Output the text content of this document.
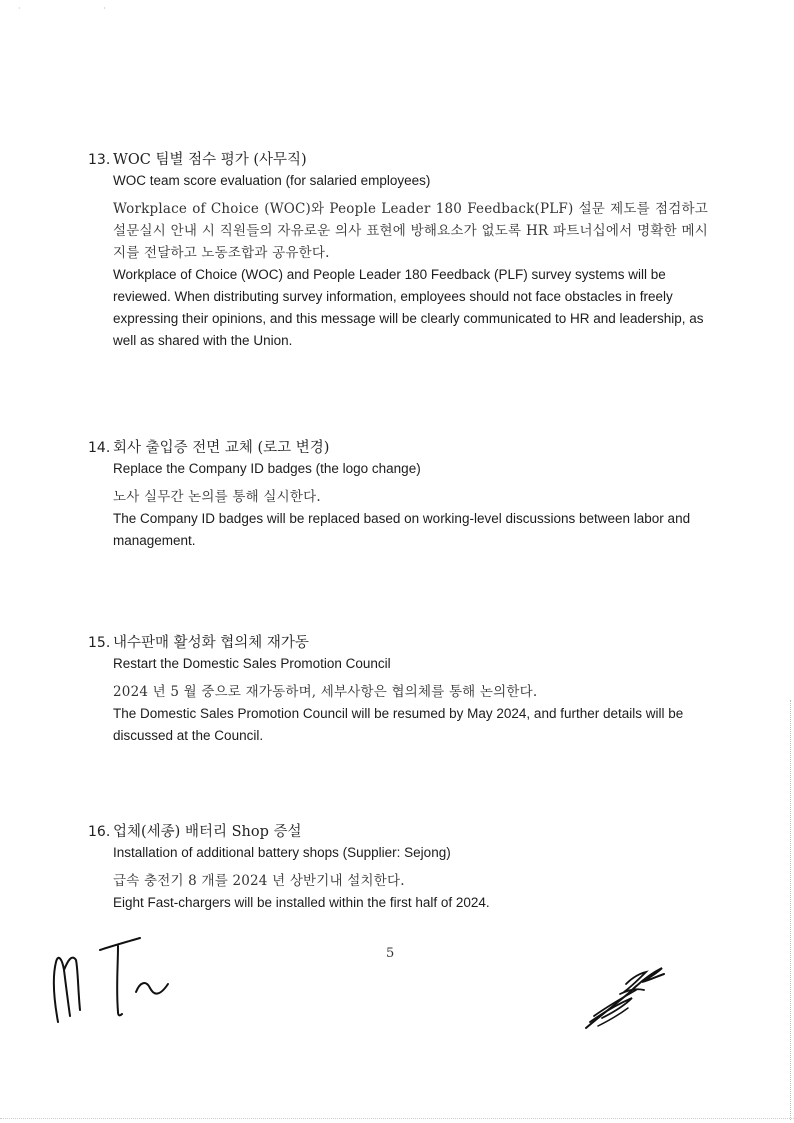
· ·
13. WOC 팀별 점수 평가 (사무직)
WOC team score evaluation (for salaried employees)
Workplace of Choice (WOC)와 People Leader 180 Feedback(PLF) 설문 제도를 점검하고 설문실시 안내 시 직원들의 자유로운 의사 표현에 방해요소가 없도록 HR 파트너십에서 명확한 메시지를 전달하고 노동조합과 공유한다.
Workplace of Choice (WOC) and People Leader 180 Feedback (PLF) survey systems will be reviewed. When distributing survey information, employees should not face obstacles in freely expressing their opinions, and this message will be clearly communicated to HR and leadership, as well as shared with the Union.
14. 회사 출입증 전면 교체 (로고 변경)
Replace the Company ID badges (the logo change)
노사 실무간 논의를 통해 실시한다.
The Company ID badges will be replaced based on working-level discussions between labor and management.
15. 내수판매 활성화 협의체 재가동
Restart the Domestic Sales Promotion Council
2024 년 5 월 중으로 재가동하며, 세부사항은 협의체를 통해 논의한다.
The Domestic Sales Promotion Council will be resumed by May 2024, and further details will be discussed at the Council.
16. 업체(세종) 배터리 Shop 증설
Installation of additional battery shops (Supplier: Sejong)
급속 충전기 8 개를 2024 년 상반기내 설치한다.
Eight Fast-chargers will be installed within the first half of 2024.
5
